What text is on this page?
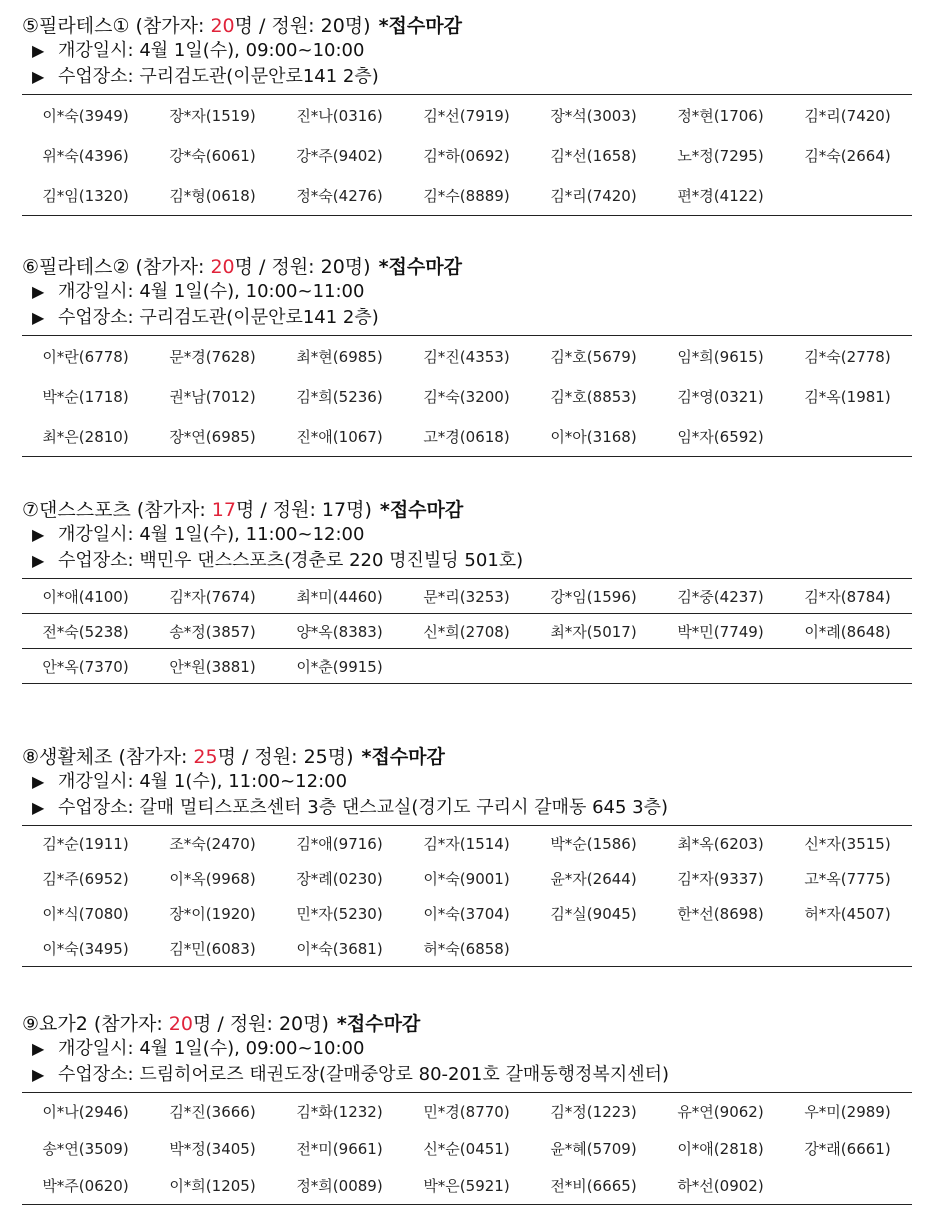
⑤필라테스① (참가자: 20명 / 정원: 20명) *접수마감
▶ 개강일시: 4월 1일(수), 09:00~10:00
▶ 수업장소: 구리검도관(이문안로141 2층)
이*숙(3949)	장*자(1519)	진*나(0316)	김*선(7919)	장*석(3003)	정*현(1706)	김*리(7420)
위*숙(4396)	강*숙(6061)	강*주(9402)	김*하(0692)	김*선(1658)	노*정(7295)	김*숙(2664)
김*임(1320)	김*형(0618)	정*숙(4276)	김*수(8889)	김*리(7420)	편*경(4122)
⑥필라테스② (참가자: 20명 / 정원: 20명) *접수마감
▶ 개강일시: 4월 1일(수), 10:00~11:00
▶ 수업장소: 구리검도관(이문안로141 2층)
이*란(6778)	문*경(7628)	최*현(6985)	김*진(4353)	김*호(5679)	임*희(9615)	김*숙(2778)
박*순(1718)	권*남(7012)	김*희(5236)	김*숙(3200)	김*호(8853)	김*영(0321)	김*옥(1981)
최*은(2810)	장*연(6985)	진*애(1067)	고*경(0618)	이*아(3168)	임*자(6592)
⑦댄스스포츠 (참가자: 17명 / 정원: 17명) *접수마감
▶ 개강일시: 4월 1일(수), 11:00~12:00
▶ 수업장소: 백민우 댄스스포츠(경춘로 220 명진빌딩 501호)
이*애(4100)	김*자(7674)	최*미(4460)	문*리(3253)	강*임(1596)	김*중(4237)	김*자(8784)
전*숙(5238)	송*정(3857)	양*옥(8383)	신*희(2708)	최*자(5017)	박*민(7749)	이*례(8648)
안*옥(7370)	안*원(3881)	이*춘(9915)
⑧생활체조 (참가자: 25명 / 정원: 25명) *접수마감
▶ 개강일시: 4월 1(수), 11:00~12:00
▶ 수업장소: 갈매 멀티스포츠센터 3층 댄스교실(경기도 구리시 갈매동 645 3층)
김*순(1911)	조*숙(2470)	김*애(9716)	김*자(1514)	박*순(1586)	최*옥(6203)	신*자(3515)
김*주(6952)	이*옥(9968)	장*례(0230)	이*숙(9001)	윤*자(2644)	김*자(9337)	고*옥(7775)
이*식(7080)	장*이(1920)	민*자(5230)	이*숙(3704)	김*실(9045)	한*선(8698)	허*자(4507)
이*숙(3495)	김*민(6083)	이*숙(3681)	허*숙(6858)
⑨요가2 (참가자: 20명 / 정원: 20명) *접수마감
▶ 개강일시: 4월 1일(수), 09:00~10:00
▶ 수업장소: 드림히어로즈 태권도장(갈매중앙로 80-201호 갈매동행정복지센터)
이*나(2946)	김*진(3666)	김*화(1232)	민*경(8770)	김*정(1223)	유*연(9062)	우*미(2989)
송*연(3509)	박*정(3405)	전*미(9661)	신*순(0451)	윤*혜(5709)	이*애(2818)	강*래(6661)
박*주(0620)	이*희(1205)	정*희(0089)	박*은(5921)	전*비(6665)	하*선(0902)
